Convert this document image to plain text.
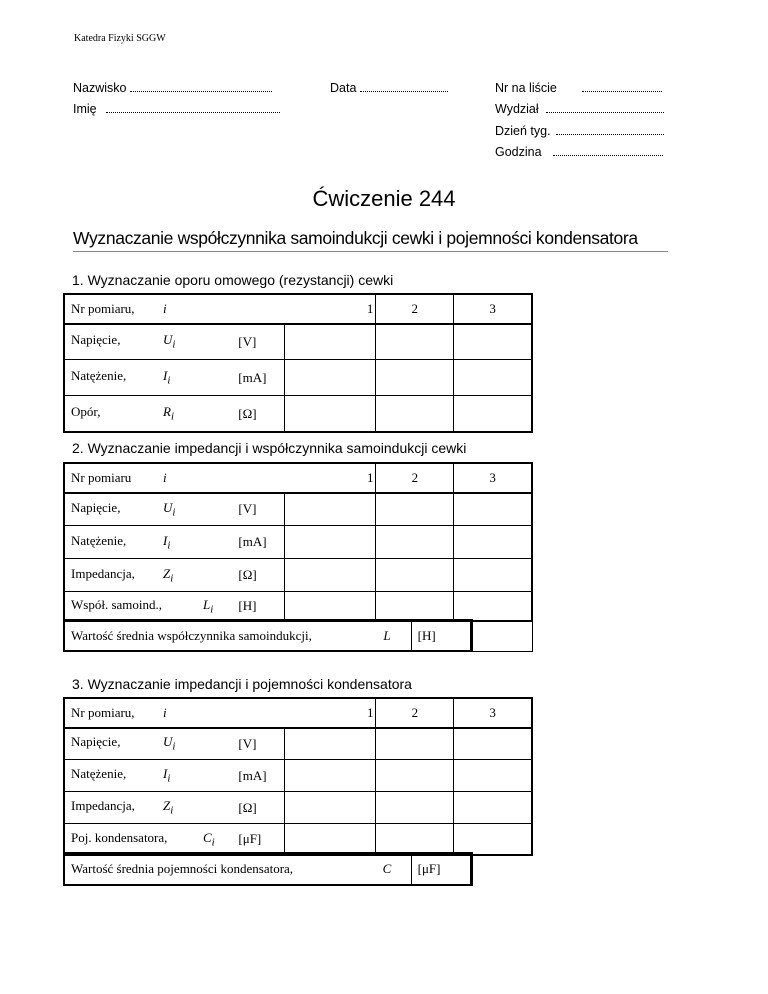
Katedra Fizyki SGGW
Nazwisko	Data	Nr na liście
Imię	Wydział
Dzień tyg.
Godzina
Ćwiczenie 244
Wyznaczanie współczynnika samoindukcji cewki i pojemności kondensatora
1. Wyznaczanie oporu omowego (rezystancji) cewki
Nr pomiaru, i		1	2	3
Napięcie, $U_i$	[V]			
Natężenie, $I_i$	[mA]			
Opór, $R_i$	[Ω]			
2. Wyznaczanie impedancji i współczynnika samoindukcji cewki
Nr pomiaru i		1	2	3
Napięcie, $U_i$	[V]			
Natężenie, $I_i$	[mA]			
Impedancja, $Z_i$	[Ω]			
Współ. samoind., $L_i$	[H]			
Wartość średnia współczynnika samoindukcji,	L	[H]
3. Wyznaczanie impedancji i pojemności kondensatora
Nr pomiaru, i		1	2	3
Napięcie, $U_i$	[V]			
Natężenie, $I_i$	[mA]			
Impedancja, $Z_i$	[Ω]			
Poj. kondensatora, $C_i$	[μF]			
Wartość średnia pojemności kondensatora,	C	[μF]
